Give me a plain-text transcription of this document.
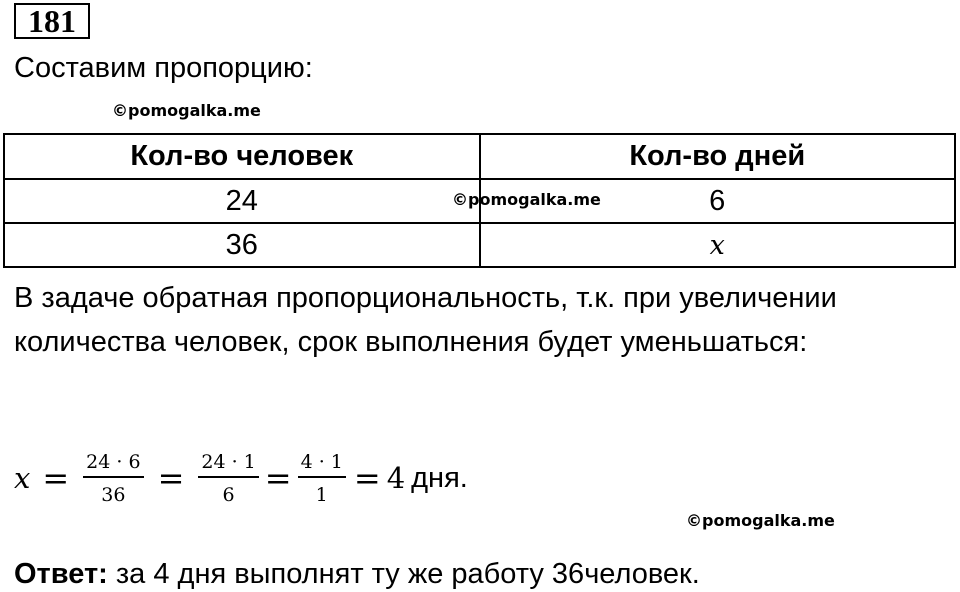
181
Составим пропорцию:
©pomogalka.me
Кол-во человек	Кол-во дней
24	6
36	x
©pomogalka.me
В задаче обратная пропорциональность, т.к. при увеличении количества человек, срок выполнения будет уменьшаться:
$x = \frac{24 \cdot 6}{36} = \frac{24 \cdot 1}{6} = \frac{4 \cdot 1}{1} = 4$ дня.
©pomogalka.me
Ответ: за 4 дня выполнят ту же работу 36человек.
